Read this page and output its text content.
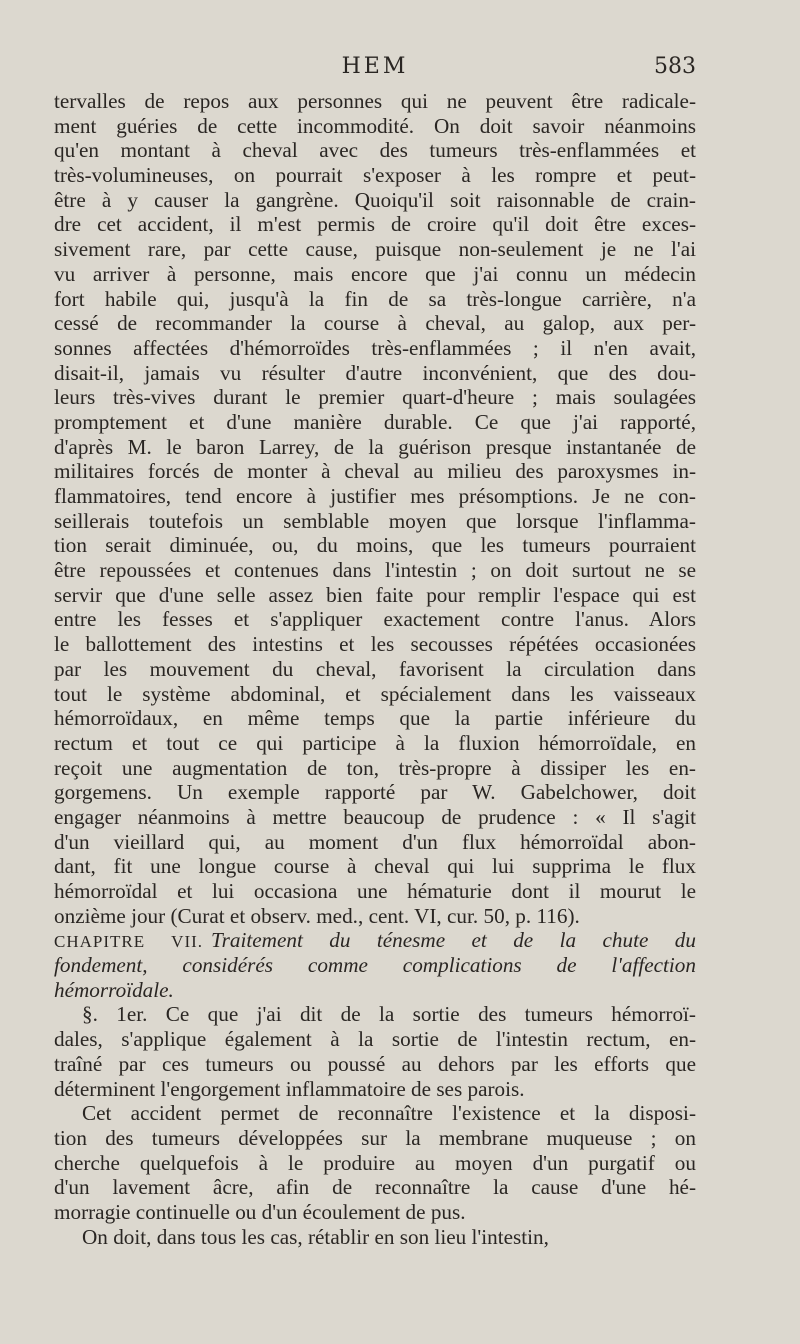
HEM	583
tervalles de repos aux personnes qui ne peuvent être radicale-
ment guéries de cette incommodité. On doit savoir néanmoins
qu'en montant à cheval avec des tumeurs très-enflammées et
très-volumineuses, on pourrait s'exposer à les rompre et peut-
être à y causer la gangrène. Quoiqu'il soit raisonnable de crain-
dre cet accident, il m'est permis de croire qu'il doit être exces-
sivement rare, par cette cause, puisque non-seulement je ne l'ai
vu arriver à personne, mais encore que j'ai connu un médecin
fort habile qui, jusqu'à la fin de sa très-longue carrière, n'a
cessé de recommander la course à cheval, au galop, aux per-
sonnes affectées d'hémorroïdes très-enflammées ; il n'en avait,
disait-il, jamais vu résulter d'autre inconvénient, que des dou-
leurs très-vives durant le premier quart-d'heure ; mais soulagées
promptement et d'une manière durable. Ce que j'ai rapporté,
d'après M. le baron Larrey, de la guérison presque instantanée de
militaires forcés de monter à cheval au milieu des paroxysmes in-
flammatoires, tend encore à justifier mes présomptions. Je ne con-
seillerais toutefois un semblable moyen que lorsque l'inflamma-
tion serait diminuée, ou, du moins, que les tumeurs pourraient
être repoussées et contenues dans l'intestin ; on doit surtout ne se
servir que d'une selle assez bien faite pour remplir l'espace qui est
entre les fesses et s'appliquer exactement contre l'anus. Alors
le ballottement des intestins et les secousses répétées occasionées
par les mouvement du cheval, favorisent la circulation dans
tout le système abdominal, et spécialement dans les vaisseaux
hémorroïdaux, en même temps que la partie inférieure du
rectum et tout ce qui participe à la fluxion hémorroïdale, en
reçoit une augmentation de ton, très-propre à dissiper les en-
gorgemens. Un exemple rapporté par W. Gabelchower, doit
engager néanmoins à mettre beaucoup de prudence : « Il s'agit
d'un vieillard qui, au moment d'un flux hémorroïdal abon-
dant, fit une longue course à cheval qui lui supprima le flux
hémorroïdal et lui occasiona une hématurie dont il mourut le
onzième jour (Curat et observ. med., cent. VI, cur. 50, p. 116).
CHAPITRE VII. Traitement du ténesme et de la chute du
fondement, considérés comme complications de l'affection
hémorroïdale.
§. 1er. Ce que j'ai dit de la sortie des tumeurs hémorroï-
dales, s'applique également à la sortie de l'intestin rectum, en-
traîné par ces tumeurs ou poussé au dehors par les efforts que
déterminent l'engorgement inflammatoire de ses parois.
Cet accident permet de reconnaître l'existence et la disposi-
tion des tumeurs développées sur la membrane muqueuse ; on
cherche quelquefois à le produire au moyen d'un purgatif ou
d'un lavement âcre, afin de reconnaître la cause d'une hé-
morragie continuelle ou d'un écoulement de pus.
On doit, dans tous les cas, rétablir en son lieu l'intestin,
